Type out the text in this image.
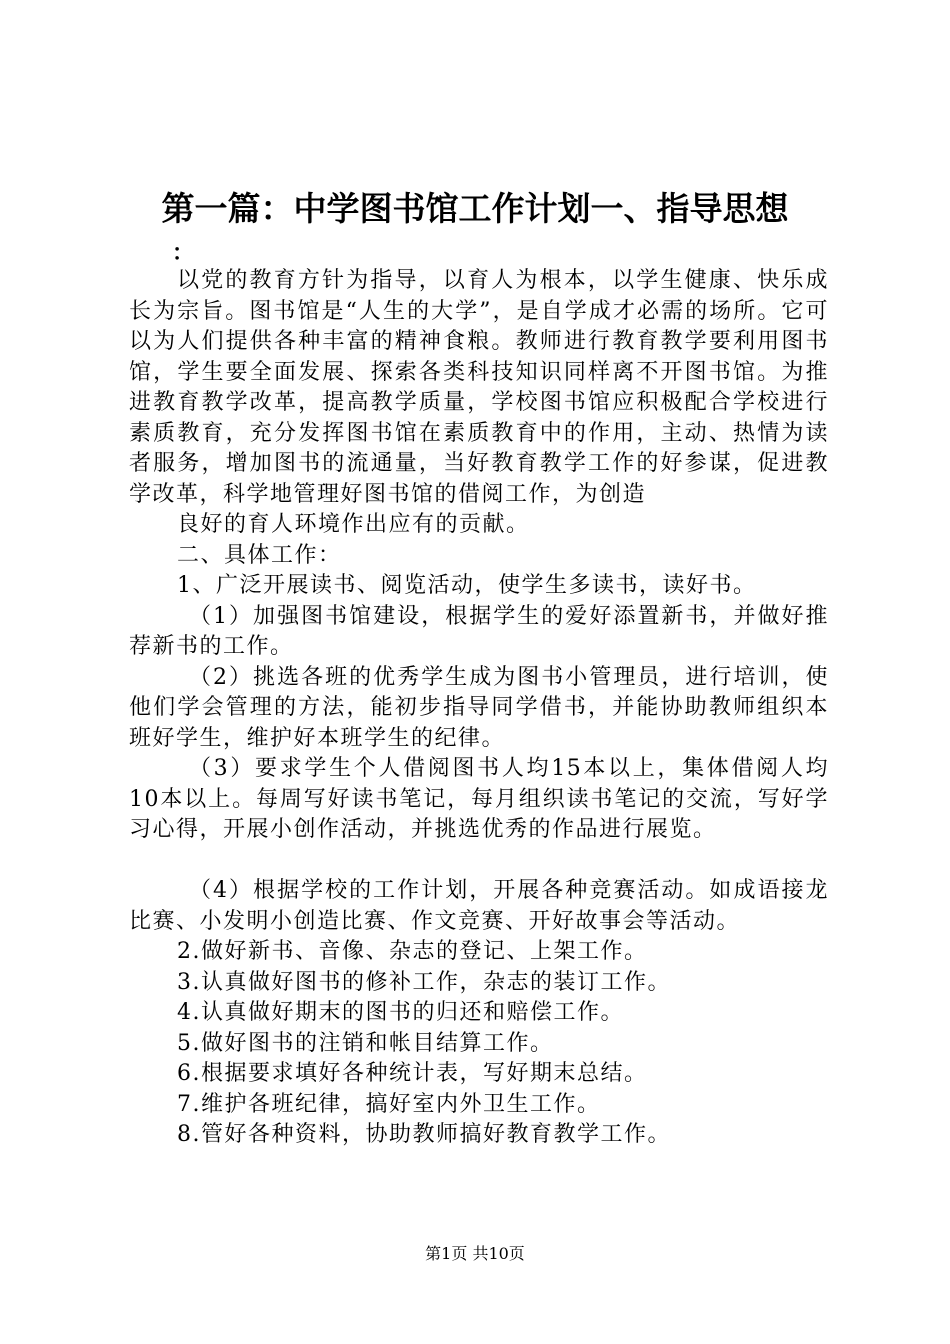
第一篇：中学图书馆工作计划一、指导思想
：

以党的教育方针为指导，以育人为根本，以学生健康、快乐成长为宗旨。图书馆是“人生的大学”，是自学成才必需的场所。它可以为人们提供各种丰富的精神食粮。教师进行教育教学要利用图书馆，学生要全面发展、探索各类科技知识同样离不开图书馆。为推进教育教学改革，提高教学质量，学校图书馆应积极配合学校进行素质教育，充分发挥图书馆在素质教育中的作用，主动、热情为读者服务，增加图书的流通量，当好教育教学工作的好参谋，促进教学改革，科学地管理好图书馆的借阅工作，为创造

良好的育人环境作出应有的贡献。

二、具体工作：

1、广泛开展读书、阅览活动，使学生多读书，读好书。

（1）加强图书馆建设，根据学生的爱好添置新书，并做好推荐新书的工作。

（2）挑选各班的优秀学生成为图书小管理员，进行培训，使他们学会管理的方法，能初步指导同学借书，并能协助教师组织本班好学生，维护好本班学生的纪律。

（3）要求学生个人借阅图书人均15本以上，集体借阅人均10本以上。每周写好读书笔记，每月组织读书笔记的交流，写好学习心得，开展小创作活动，并挑选优秀的作品进行展览。

（4）根据学校的工作计划，开展各种竞赛活动。如成语接龙比赛、小发明小创造比赛、作文竞赛、开好故事会等活动。

2.做好新书、音像、杂志的登记、上架工作。

3.认真做好图书的修补工作，杂志的装订工作。

4.认真做好期末的图书的归还和赔偿工作。

5.做好图书的注销和帐目结算工作。

6.根据要求填好各种统计表，写好期末总结。

7.维护各班纪律，搞好室内外卫生工作。

8.管好各种资料，协助教师搞好教育教学工作。

第1页 共10页
